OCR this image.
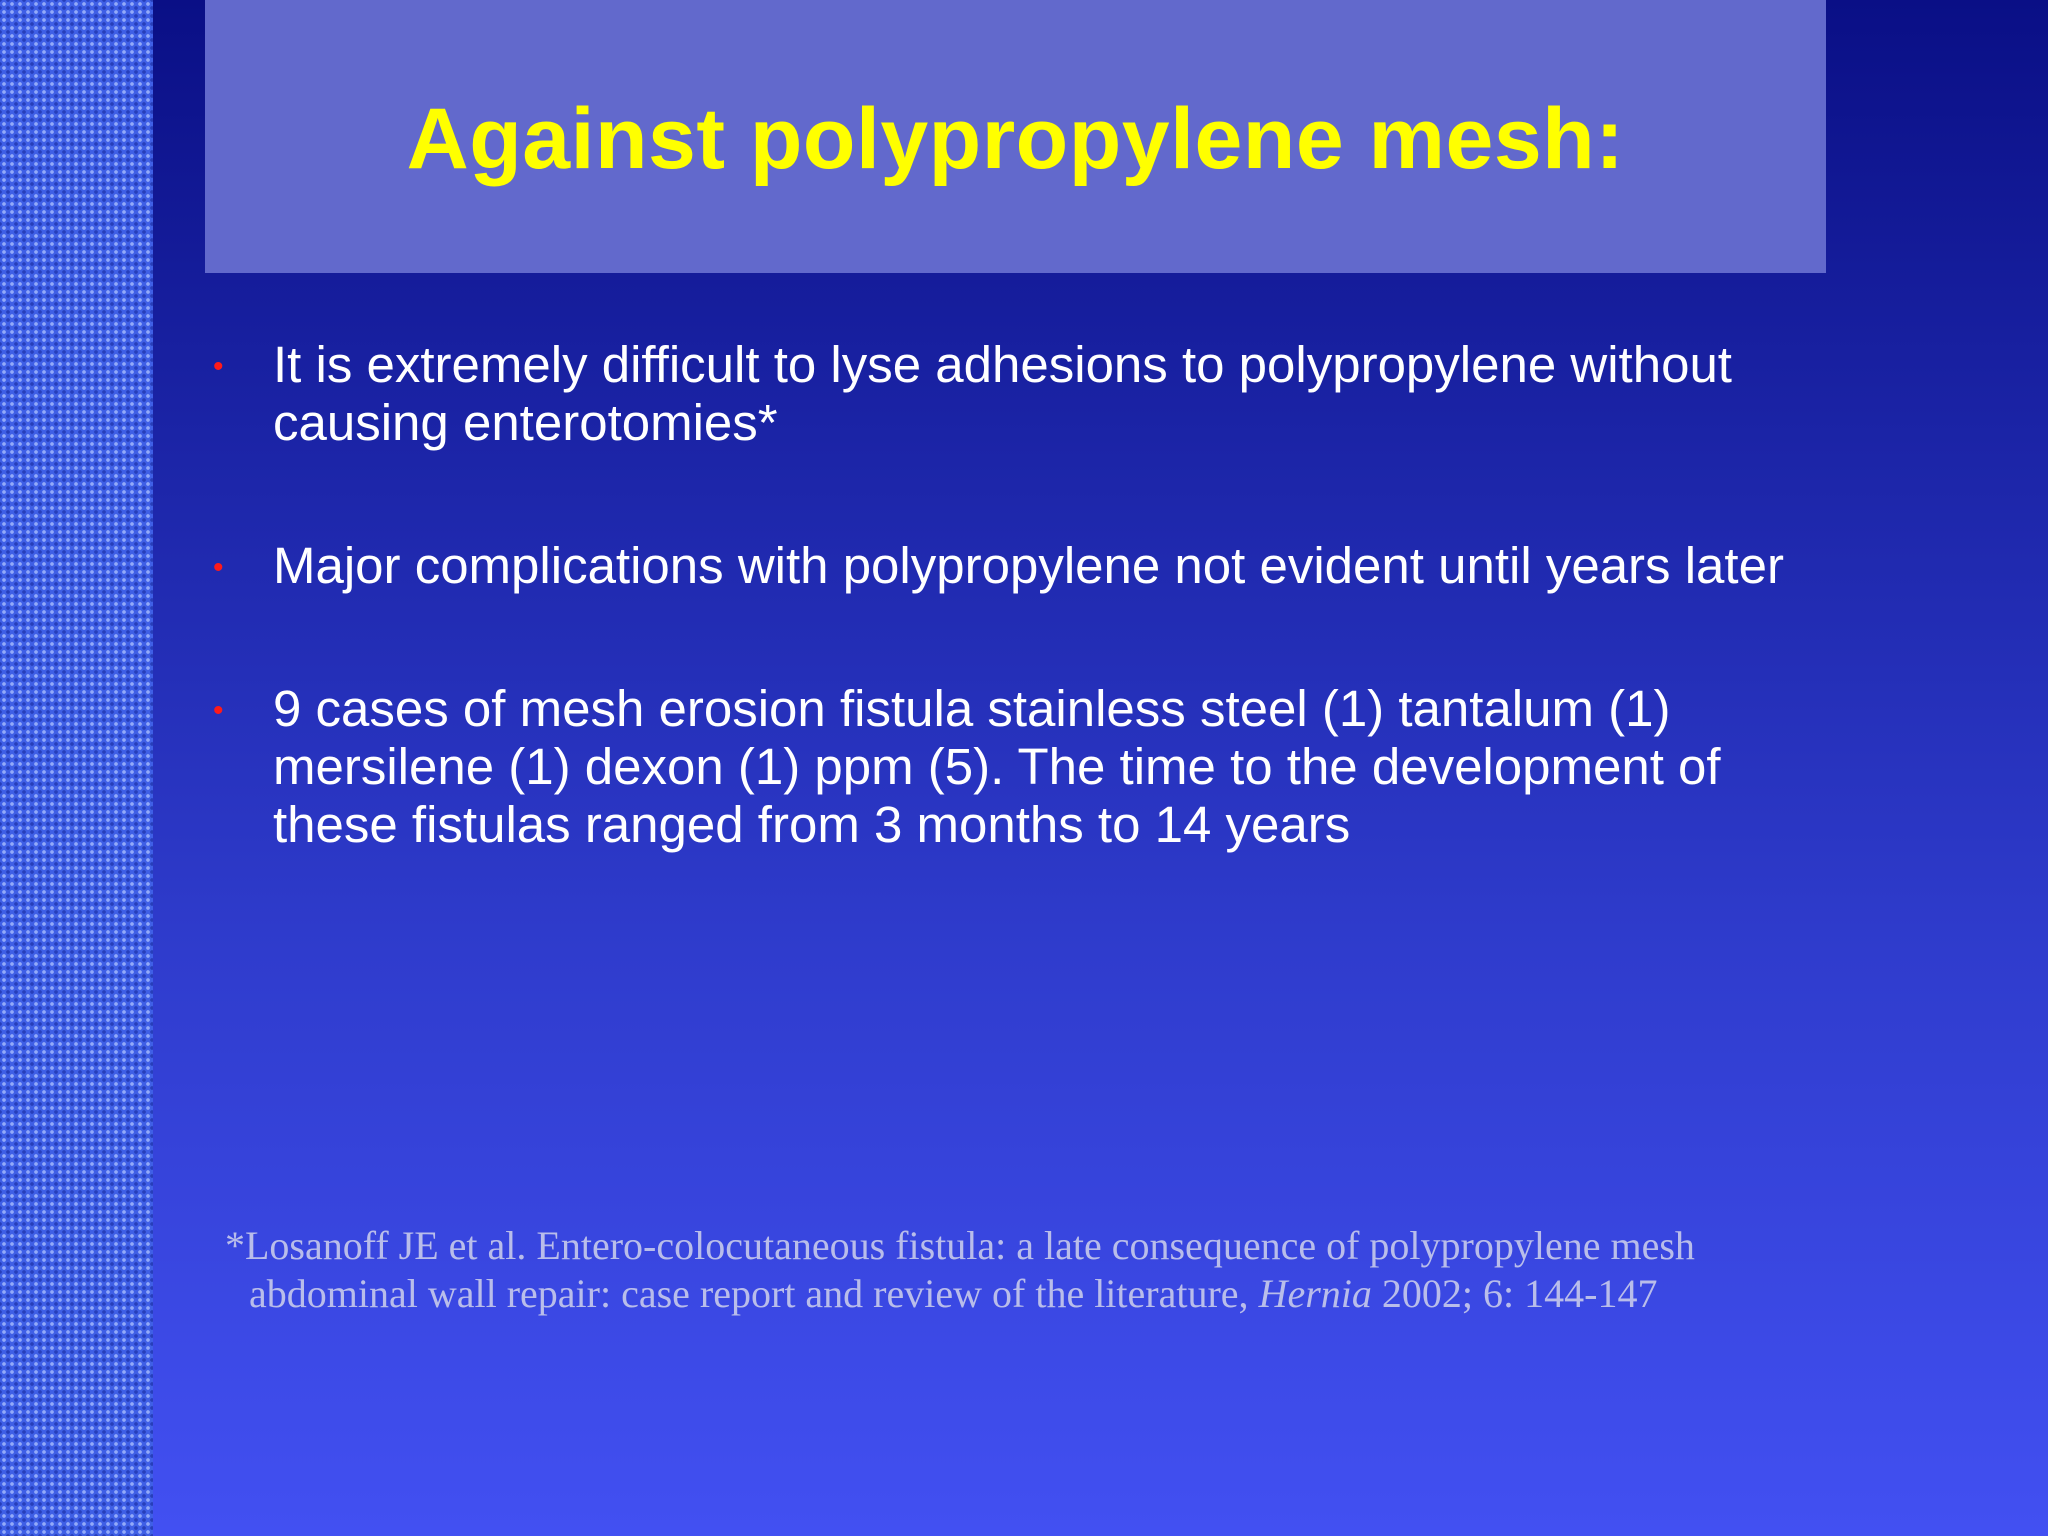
Against polypropylene mesh:
• It is extremely difficult to lyse adhesions to polypropylene without causing enterotomies*
• Major complications with polypropylene not evident until years later
• 9 cases of mesh erosion fistula stainless steel (1) tantalum (1) mersilene (1) dexon (1) ppm (5). The time to the development of these fistulas ranged from 3 months to 14 years
*Losanoff JE et al. Entero-colocutaneous fistula: a late consequence of polypropylene mesh abdominal wall repair: case report and review of the literature, Hernia 2002; 6: 144-147
